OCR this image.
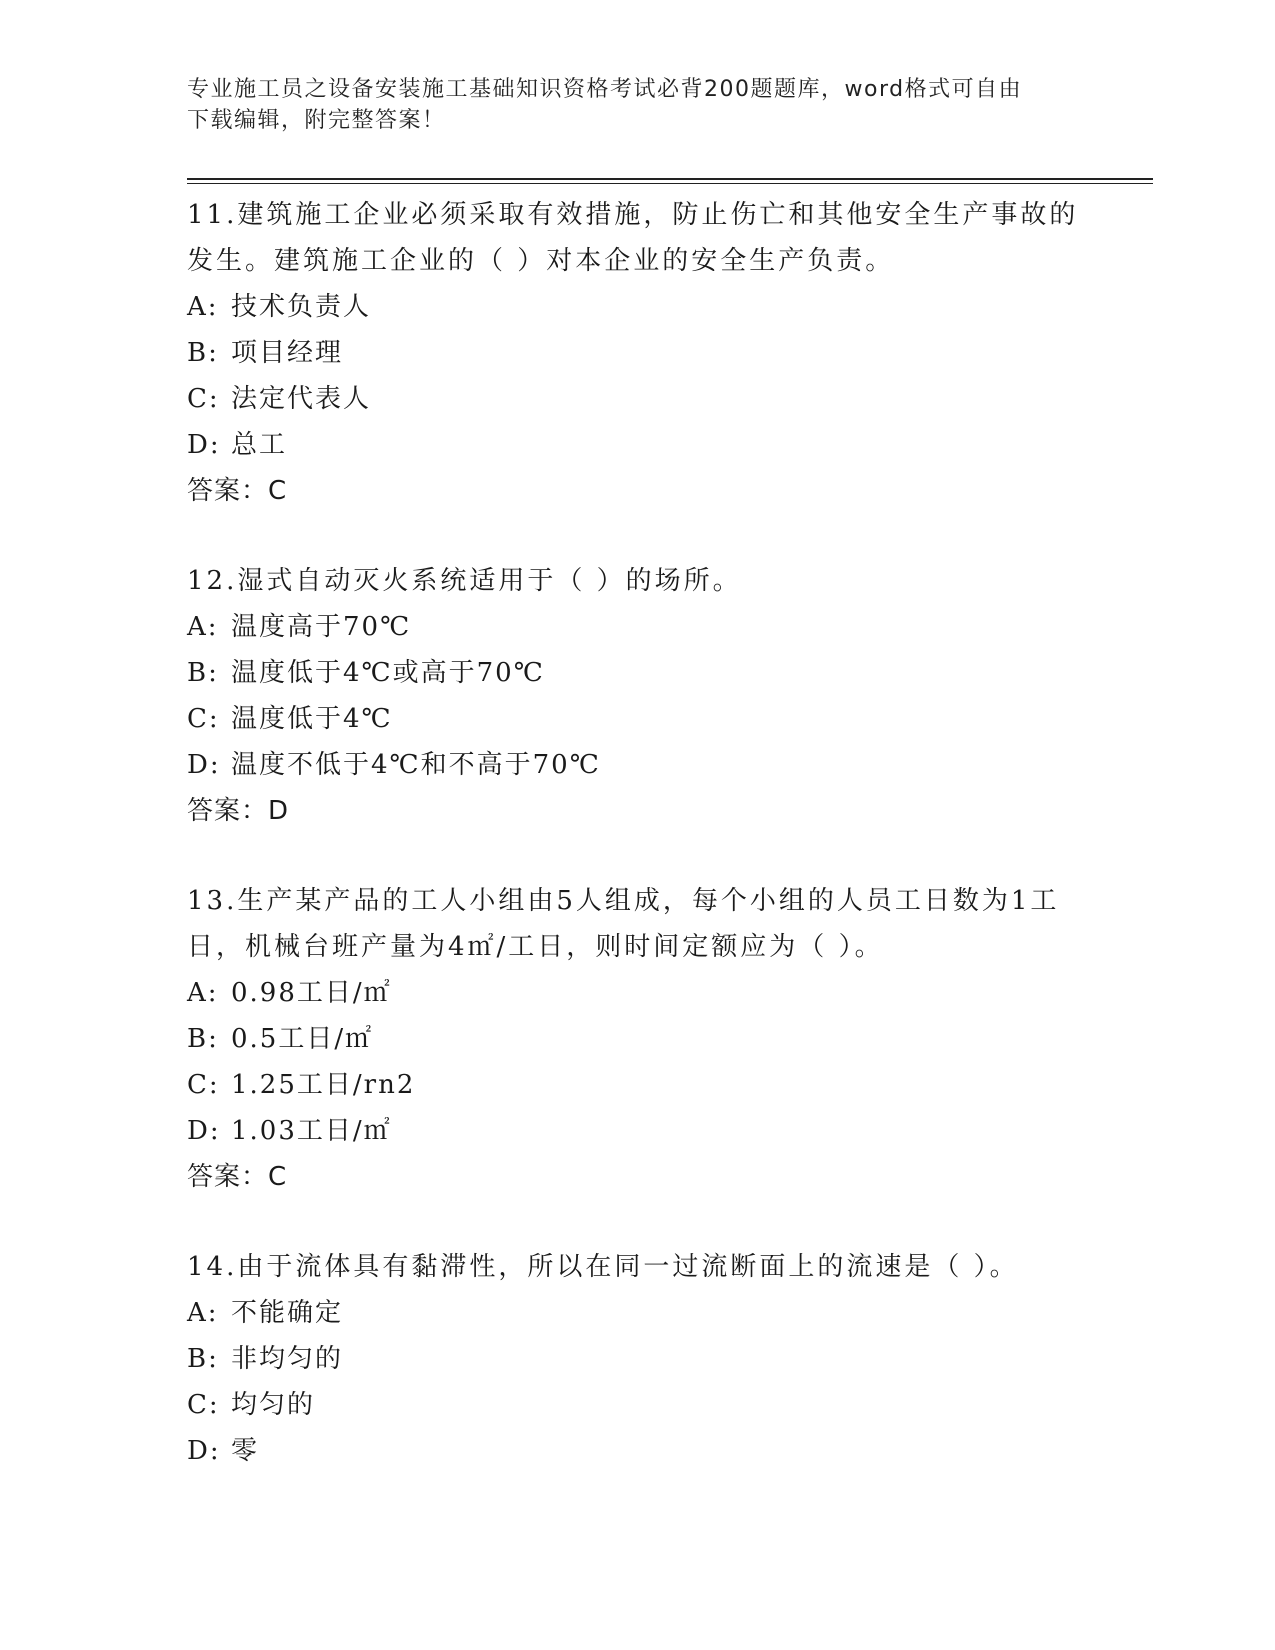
专业施工员之设备安装施工基础知识资格考试必背200题题库，word格式可自由
下载编辑，附完整答案！

11.建筑施工企业必须采取有效措施，防止伤亡和其他安全生产事故的发生。建筑施工企业的（ ）对本企业的安全生产负责。

A: 技术负责人

B: 项目经理

C: 法定代表人

D: 总工

答案：C

12.湿式自动灭火系统适用于（ ）的场所。

A: 温度高于70℃

B: 温度低于4℃或高于70℃

C: 温度低于4℃

D: 温度不低于4℃和不高于70℃

答案：D

13.生产某产品的工人小组由5人组成，每个小组的人员工日数为1工日，机械台班产量为4㎡/工日，则时间定额应为（ ）。

A: 0.98工日/㎡

B: 0.5工日/㎡

C: 1.25工日/rn2

D: 1.03工日/㎡

答案：C

14.由于流体具有黏滞性，所以在同一过流断面上的流速是（ ）。

A: 不能确定

B: 非均匀的

C: 均匀的

D: 零
